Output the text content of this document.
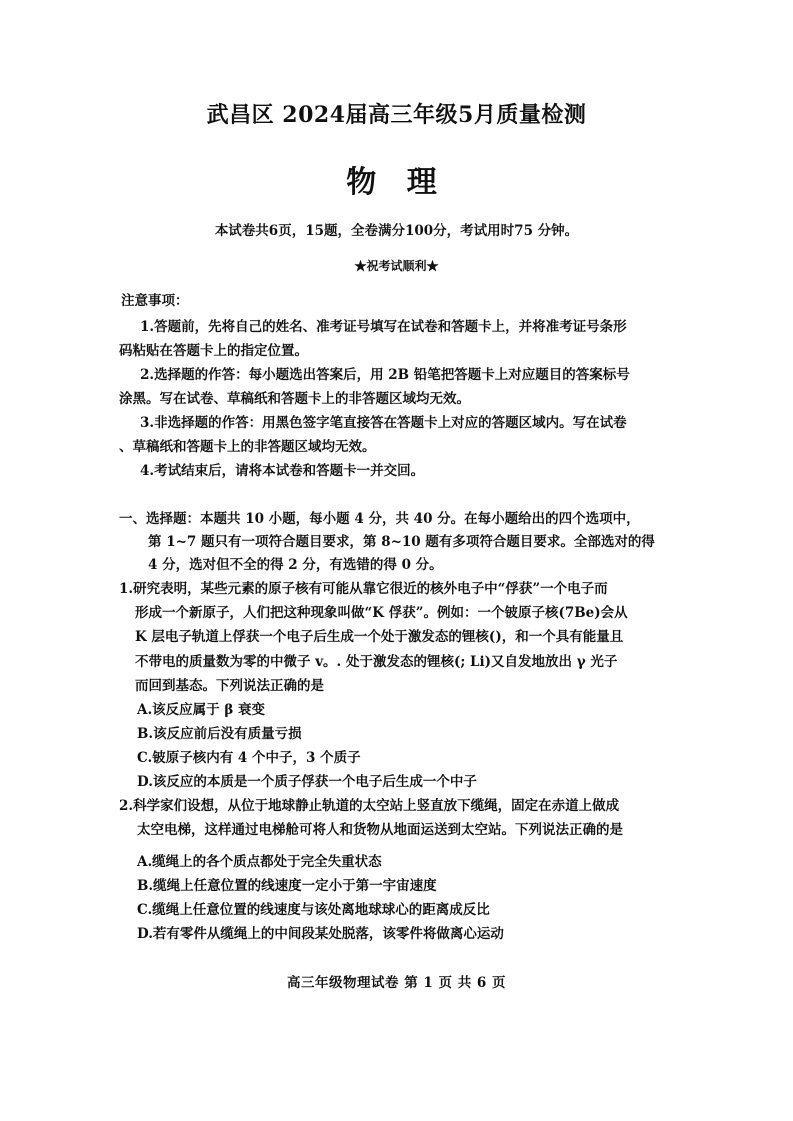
武昌区 2024届高三年级5月质量检测
物 理
本试卷共6页，15题，全卷满分100分，考试用时75 分钟。
★祝考试顺利★
注意事项：
1.答题前，先将自己的姓名、准考证号填写在试卷和答题卡上，并将准考证号条形
码粘贴在答题卡上的指定位置。
2.选择题的作答：每小题选出答案后，用 2B 铅笔把答题卡上对应题目的答案标号
涂黑。写在试卷、草稿纸和答题卡上的非答题区域均无效。
3.非选择题的作答：用黑色签字笔直接答在答题卡上对应的答题区域内。写在试卷
、草稿纸和答题卡上的非答题区域均无效。
4.考试结束后，请将本试卷和答题卡一并交回。
一、选择题：本题共 10 小题，每小题 4 分，共 40 分。在每小题给出的四个选项中，
第 1~7 题只有一项符合题目要求，第 8~10 题有多项符合题目要求。全部选对的得
4 分，选对但不全的得 2 分，有选错的得 0 分。
1.研究表明，某些元素的原子核有可能从靠它很近的核外电子中“俘获”一个电子而
形成一个新原子，人们把这种现象叫做“K 俘获”。例如：一个铍原子核(7Be)会从
K 层电子轨道上俘获一个电子后生成一个处于激发态的锂核()，和一个具有能量且
不带电的质量数为零的中微子 v。. 处于激发态的锂核(; Li)又自发地放出 γ 光子
而回到基态。下列说法正确的是
A.该反应属于 β 衰变
B.该反应前后没有质量亏损
C.铍原子核内有 4 个中子，3 个质子
D.该反应的本质是一个质子俘获一个电子后生成一个中子
2.科学家们设想，从位于地球静止轨道的太空站上竖直放下缆绳，固定在赤道上做成
太空电梯，这样通过电梯舱可将人和货物从地面运送到太空站。下列说法正确的是
A.缆绳上的各个质点都处于完全失重状态
B.缆绳上任意位置的线速度一定小于第一宇宙速度
C.缆绳上任意位置的线速度与该处离地球球心的距离成反比
D.若有零件从缆绳上的中间段某处脱落，该零件将做离心运动
高三年级物理试卷 第 1 页 共 6 页
